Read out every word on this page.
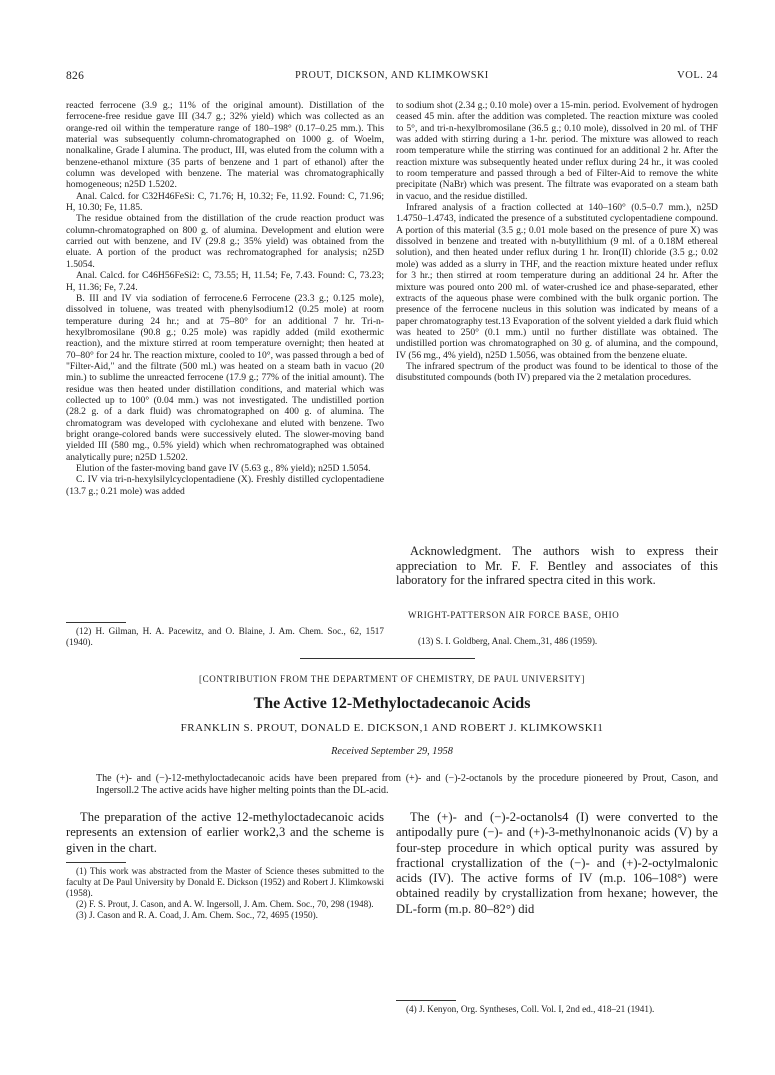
826	PROUT, DICKSON, AND KLIMKOWSKI	VOL. 24

reacted ferrocene (3.9 g.; 11% of the original amount). Distillation of the ferrocene-free residue gave III (34.7 g.; 32% yield) which was collected as an orange-red oil within the temperature range of 180–198° (0.17–0.25 mm.). This material was subsequently column-chromatographed on 1000 g. of Woelm, nonalkaline, Grade I alumina. The product, III, was eluted from the column with a benzene-ethanol mixture (35 parts of benzene and 1 part of ethanol) after the column was developed with benzene. The material was chromatographically homogeneous; n25D 1.5202.

Anal. Calcd. for C32H46FeSi: C, 71.76; H, 10.32; Fe, 11.92. Found: C, 71.96; H, 10.30; Fe, 11.85.

The residue obtained from the distillation of the crude reaction product was column-chromatographed on 800 g. of alumina. Development and elution were carried out with benzene, and IV (29.8 g.; 35% yield) was obtained from the eluate. A portion of the product was rechromatographed for analysis; n25D 1.5054.

Anal. Calcd. for C46H56FeSi2: C, 73.55; H, 11.54; Fe, 7.43. Found: C, 73.23; H, 11.36; Fe, 7.24.

B. III and IV via sodiation of ferrocene.6 Ferrocene (23.3 g.; 0.125 mole), dissolved in toluene, was treated with phenylsodium12 (0.25 mole) at room temperature during 24 hr.; and at 75–80° for an additional 7 hr. Tri-n-hexylbromosilane (90.8 g.; 0.25 mole) was rapidly added (mild exothermic reaction), and the mixture stirred at room temperature overnight; then heated at 70–80° for 24 hr. The reaction mixture, cooled to 10°, was passed through a bed of "Filter-Aid," and the filtrate (500 ml.) was heated on a steam bath in vacuo (20 min.) to sublime the unreacted ferrocene (17.9 g.; 77% of the initial amount). The residue was then heated under distillation conditions, and material which was collected up to 100° (0.04 mm.) was not investigated. The undistilled portion (28.2 g. of a dark fluid) was chromatographed on 400 g. of alumina. The chromatogram was developed with cyclohexane and eluted with benzene. Two bright orange-colored bands were successively eluted. The slower-moving band yielded III (580 mg., 0.5% yield) which when rechromatographed was obtained analytically pure; n25D 1.5202.

Elution of the faster-moving band gave IV (5.63 g., 8% yield); n25D 1.5054.

C. IV via tri-n-hexylsilylcyclopentadiene (X). Freshly distilled cyclopentadiene (13.7 g.; 0.21 mole) was added

(12) H. Gilman, H. A. Pacewitz, and O. Blaine, J. Am. Chem. Soc., 62, 1517 (1940).

to sodium shot (2.34 g.; 0.10 mole) over a 15-min. period. Evolvement of hydrogen ceased 45 min. after the addition was completed. The reaction mixture was cooled to 5°, and tri-n-hexylbromosilane (36.5 g.; 0.10 mole), dissolved in 20 ml. of THF was added with stirring during a 1-hr. period. The mixture was allowed to reach room temperature while the stirring was continued for an additional 2 hr. After the reaction mixture was subsequently heated under reflux during 24 hr., it was cooled to room temperature and passed through a bed of Filter-Aid to remove the white precipitate (NaBr) which was present. The filtrate was evaporated on a steam bath in vacuo, and the residue distilled.

Infrared analysis of a fraction collected at 140–160° (0.5–0.7 mm.), n25D 1.4750–1.4743, indicated the presence of a substituted cyclopentadiene compound. A portion of this material (3.5 g.; 0.01 mole based on the presence of pure X) was dissolved in benzene and treated with n-butyllithium (9 ml. of a 0.18M ethereal solution), and then heated under reflux during 1 hr. Iron(II) chloride (3.5 g.; 0.02 mole) was added as a slurry in THF, and the reaction mixture heated under reflux for 3 hr.; then stirred at room temperature during an additional 24 hr. After the mixture was poured onto 200 ml. of water-crushed ice and phase-separated, ether extracts of the aqueous phase were combined with the bulk organic portion. The presence of the ferrocene nucleus in this solution was indicated by means of a paper chromatography test.13 Evaporation of the solvent yielded a dark fluid which was heated to 250° (0.1 mm.) until no further distillate was obtained. The undistilled portion was chromatographed on 30 g. of alumina, and the compound, IV (56 mg., 4% yield), n25D 1.5056, was obtained from the benzene eluate.

The infrared spectrum of the product was found to be identical to those of the disubstituted compounds (both IV) prepared via the 2 metalation procedures.

Acknowledgment. The authors wish to express their appreciation to Mr. F. F. Bentley and associates of this laboratory for the infrared spectra cited in this work.

WRIGHT-PATTERSON AIR FORCE BASE, OHIO

(13) S. I. Goldberg, Anal. Chem.,31, 486 (1959).

[CONTRIBUTION FROM THE DEPARTMENT OF CHEMISTRY, DE PAUL UNIVERSITY]
The Active 12-Methyloctadecanoic Acids
FRANKLIN S. PROUT, DONALD E. DICKSON,1 AND ROBERT J. KLIMKOWSKI1
Received September 29, 1958
The (+)- and (−)-12-methyloctadecanoic acids have been prepared from (+)- and (−)-2-octanols by the procedure pioneered by Prout, Cason, and Ingersoll.2 The active acids have higher melting points than the DL-acid.

The preparation of the active 12-methyloctadecanoic acids represents an extension of earlier work2,3 and the scheme is given in the chart.

(1) This work was abstracted from the Master of Science theses submitted to the faculty at De Paul University by Donald E. Dickson (1952) and Robert J. Klimkowski (1958).

(2) F. S. Prout, J. Cason, and A. W. Ingersoll, J. Am. Chem. Soc., 70, 298 (1948).

(3) J. Cason and R. A. Coad, J. Am. Chem. Soc., 72, 4695 (1950).

The (+)- and (−)-2-octanols4 (I) were converted to the antipodally pure (−)- and (+)-3-methylnonanoic acids (V) by a four-step procedure in which optical purity was assured by fractional crystallization of the (−)- and (+)-2-octylmalonic acids (IV). The active forms of IV (m.p. 106–108°) were obtained readily by crystallization from hexane; however, the DL-form (m.p. 80–82°) did

(4) J. Kenyon, Org. Syntheses, Coll. Vol. I, 2nd ed., 418–21 (1941).
